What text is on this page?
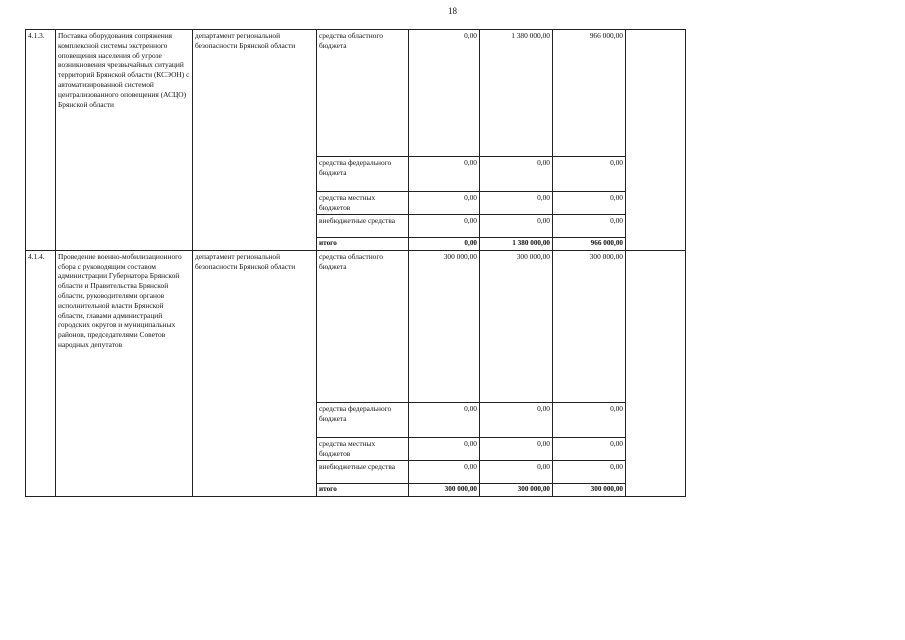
18
4.1.3.	Поставка оборудования сопряжения комплексной системы экстренного оповещения населения об угрозе возникновения чрезвычайных ситуаций территорий Брянской области (КСЭОН) с автоматизированной системой централизованного оповещения (АСЦО) Брянской области	департамент региональной безопасности Брянской области	средства областного бюджета	0,00	1 380 000,00	966 000,00	
			средства федерального бюджета	0,00	0,00	0,00	
			средства местных бюджетов	0,00	0,00	0,00	
			внебюджетные средства	0,00	0,00	0,00	
			итого	0,00	1 380 000,00	966 000,00	
4.1.4.	Проведение военно-мобилизационного сбора с руководящим составом администрации Губернатора Брянской области и Правительства Брянской области, руководителями органов исполнительной власти Брянской области, главами администраций городских округов и муниципальных районов, председателями Советов народных депутатов	департамент региональной безопасности Брянской области	средства областного бюджета	300 000,00	300 000,00	300 000,00	
			средства федерального бюджета	0,00	0,00	0,00	
			средства местных бюджетов	0,00	0,00	0,00	
			внебюджетные средства	0,00	0,00	0,00	
			итого	300 000,00	300 000,00	300 000,00	
